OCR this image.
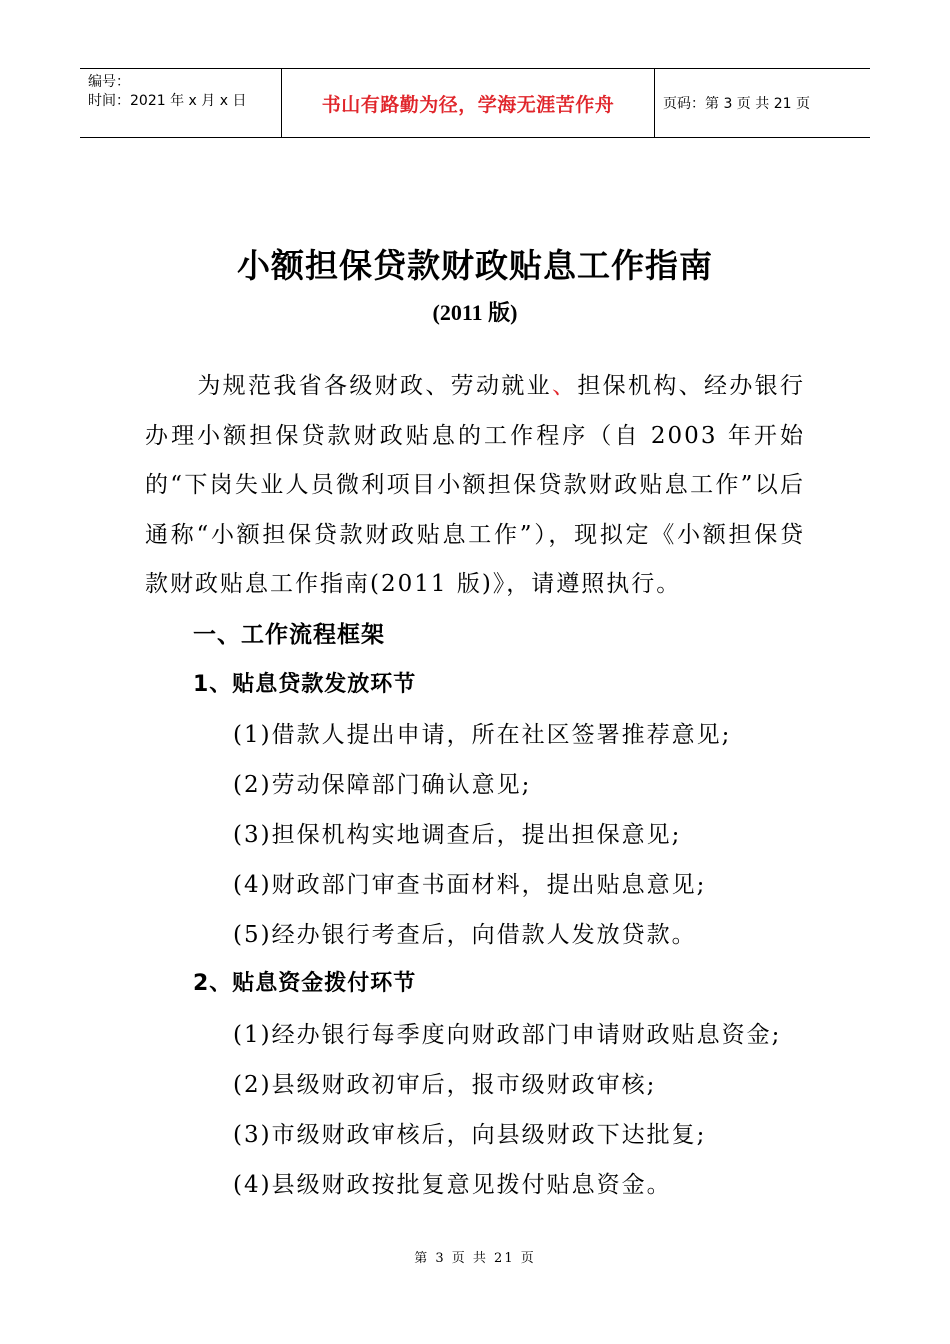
编号：
时间：2021 年 x 月 x 日	书山有路勤为径，学海无涯苦作舟	页码：第 3 页 共 21 页
小额担保贷款财政贴息工作指南
(2011 版)
为规范我省各级财政、劳动就业、担保机构、经办银行办理小额担保贷款财政贴息的工作程序（自 2003 年开始的“下岗失业人员微利项目小额担保贷款财政贴息工作”以后通称“小额担保贷款财政贴息工作”），现拟定《小额担保贷款财政贴息工作指南(2011 版)》，请遵照执行。
一、工作流程框架
1、贴息贷款发放环节
(1)借款人提出申请，所在社区签署推荐意见;
(2)劳动保障部门确认意见;
(3)担保机构实地调查后，提出担保意见;
(4)财政部门审查书面材料，提出贴息意见;
(5)经办银行考查后，向借款人发放贷款。
2、贴息资金拨付环节
(1)经办银行每季度向财政部门申请财政贴息资金;
(2)县级财政初审后，报市级财政审核;
(3)市级财政审核后，向县级财政下达批复;
(4)县级财政按批复意见拨付贴息资金。
第 3 页 共 21 页
